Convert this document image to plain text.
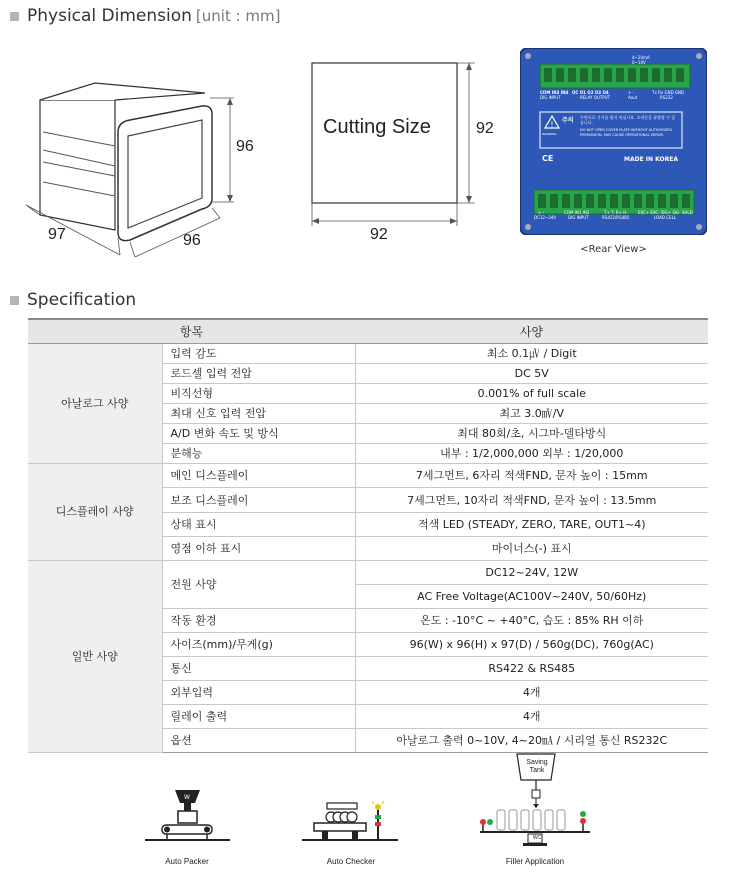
Physical Dimension [unit : mm]
96
97	96
Cutting Size	92
92
!
4~20mA
0~10V
COM IN3 IN4
DIG INPUT
OC O1 O2 O3 O4
RELAY OUTPUT
+ -
Aout
Tx Rx GND GND
RS232
주의
WARNING
무단으로 기기를 열지 마십시오. 오작동을 유발할 수 있습니다.
DO NOT OPEN COVER PLATE WITHOUT AUTHORIZED PERMISSION. MAY CAUSE OPERATIONAL ERROR.
CE	MADE IN KOREA
+ -
DC12~24V
COM IN1 IN2
DIG INPUT
T+ T- R+ R-
RS422/RS485
EXC+ EXC- SIG+ SIG- SHLD
LOAD CELL
<Rear View>
Specification
항목		사양
아날로그 사양	입력 감도	최소 0.1㎶ / Digit
	로드셀 입력 전압	DC 5V
	비직선형	0.001% of full scale
	최대 신호 입력 전압	최고 3.0㎷/V
	A/D 변화 속도 및 방식	최대 80회/초, 시그마-델타방식
	분해능	내부 : 1/2,000,000 외부 : 1/20,000
디스플레이 사양	메인 디스플레이	7세그먼트, 6자리 적색FND, 문자 높이 : 15mm
	보조 디스플레이	7세그먼트, 10자리 적색FND, 문자 높이 : 13.5mm
	상태 표시	적색 LED (STEADY, ZERO, TARE, OUT1~4)
	영점 이하 표시	마이너스(-) 표시
일반 사양	전원 사양	DC12~24V, 12W
		AC Free Voltage(AC100V~240V, 50/60Hz)
	작동 환경	온도 : -10°C ~ +40°C, 습도 : 85% RH 이하
	사이즈(mm)/무게(g)	96(W) x 96(H) x 97(D) / 560g(DC), 760g(AC)
	통신	RS422 & RS485
	외부입력	4개
	릴레이 출력	4개
	옵션	아날로그 출력 0~10V, 4~20㎃ / 시리얼 통신 RS232C
W
Auto Packer	Auto Checker
Saving Tank
WC
Filler Application
